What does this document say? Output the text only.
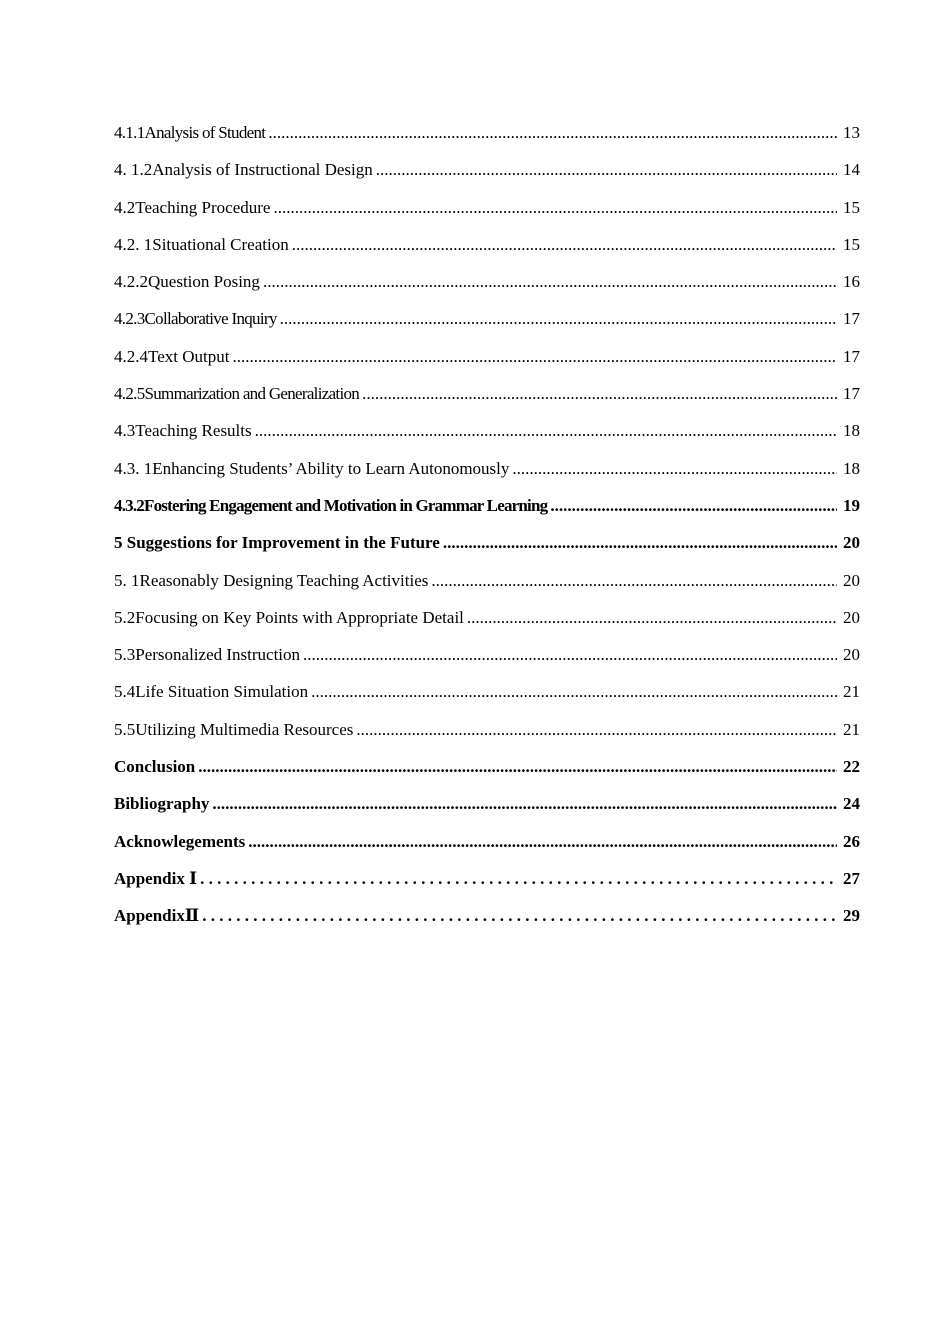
4.1.1Analysis of Student .....	13
4. 1.2Analysis of Instructional Design .....	14
4.2Teaching Procedure .....	15
4.2. 1Situational Creation .....	15
4.2.2Question Posing .....	16
4.2.3Collaborative Inquiry .....	17
4.2.4Text Output .....	17
4.2.5Summarization and Generalization .....	17
4.3Teaching Results .....	18
4.3. 1Enhancing Students’ Ability to Learn Autonomously .....	18
4.3.2Fostering Engagement and Motivation in Grammar Learning .....	19
5 Suggestions for Improvement in the Future .....	20
5. 1Reasonably Designing Teaching Activities .....	20
5.2Focusing on Key Points with Appropriate Detail .....	20
5.3Personalized Instruction .....	20
5.4Life Situation Simulation .....	21
5.5Utilizing Multimedia Resources .....	21
Conclusion .....	22
Bibliography .....	24
Acknowlegements .....	26
Appendix Ⅰ . . .	27
AppendixⅡ . . .	29
